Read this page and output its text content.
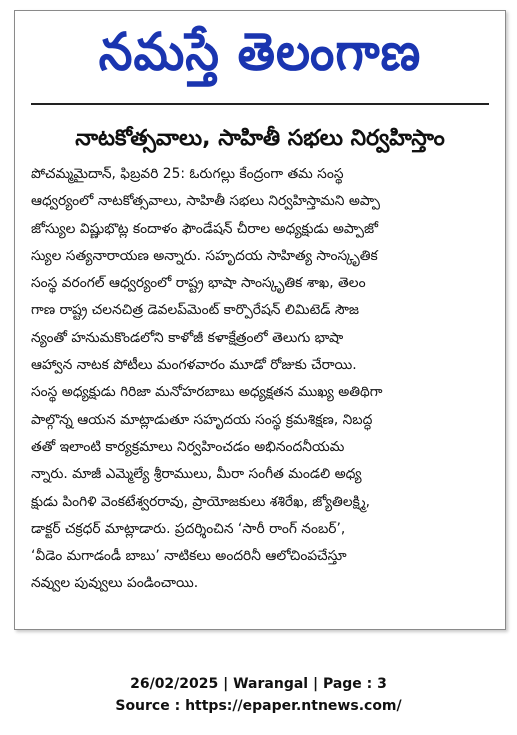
నమస్తే తెలంగాణ
నాటకోత్సవాలు, సాహితీ సభలు నిర్వహిస్తాం
పోచమ్మమైదాన్, ఫిబ్రవరి 25: ఓరుగల్లు కేంద్రంగా తమ సంస్థ
ఆధ్వర్యంలో నాటకోత్సవాలు, సాహితీ సభలు నిర్వహిస్తామని అప్పా
జోస్యుల విష్ణుభొట్ల కందాళం ఫౌండేషన్ చీరాల అధ్యక్షుడు అప్పాజో
స్యుల సత్యనారాయణ అన్నారు. సహృదయ సాహిత్య సాంస్కృతిక
సంస్థ వరంగల్ ఆధ్వర్యంలో రాష్ట్ర భాషా సాంస్కృతిక శాఖ, తెలం
గాణ రాష్ట్ర చలనచిత్ర డెవలప్‌మెంట్ కార్పొరేషన్ లిమిటెడ్ సౌజ
న్యంతో హనుమకొండలోని కాళోజీ కళాక్షేత్రంలో తెలుగు భాషా
ఆహ్వాన నాటక పోటీలు మంగళవారం మూడో రోజుకు చేరాయి.
సంస్థ అధ్యక్షుడు గిరిజా మనోహరబాబు అధ్యక్షతన ముఖ్య అతిథిగా
పాల్గొన్న ఆయన మాట్లాడుతూ సహృదయ సంస్థ క్రమశిక్షణ, నిబద్ధ
తతో ఇలాంటి కార్యక్రమాలు నిర్వహించడం అభినందనీయమ
న్నారు. మాజీ ఎమ్మెల్యే శ్రీరాములు, మీరా సంగీత మండలి అధ్య
క్షుడు పింగిళి వెంకటేశ్వరరావు, ప్రాయోజకులు శశిరేఖ, జ్యోతిలక్ష్మి,
డాక్టర్ చక్రధర్ మాట్లాడారు. ప్రదర్శించిన ‘సారీ రాంగ్ నంబర్’,
‘వీడెం మగాడండీ బాబు’ నాటికలు అందరినీ ఆలోచింపచేస్తూ
నవ్వుల పువ్వులు పండించాయి.
26/02/2025 | Warangal | Page : 3
Source : https://epaper.ntnews.com/
